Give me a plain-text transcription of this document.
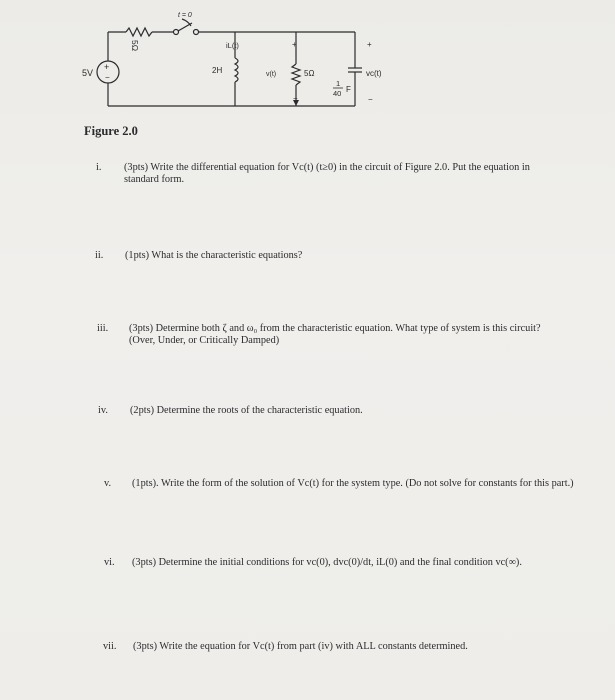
5V
+
−
5Ω
t = 0
iL(t)
2H	v(t)	5Ω
+
−
1
40 F
vc(t)
+
−
Figure 2.0
i. (3pts) Write the differential equation for Vc(t) (t≥0) in the circuit of Figure 2.0. Put the equation in standard form.
ii. (1pts) What is the characteristic equations?
iii. (3pts) Determine both ζ and ω₀ from the characteristic equation. What type of system is this circuit? (Over, Under, or Critically Damped)
iv. (2pts) Determine the roots of the characteristic equation.
v. (1pts). Write the form of the solution of Vc(t) for the system type. (Do not solve for constants for this part.)
vi. (3pts) Determine the initial conditions for vc(0), dvc(0)/dt, iL(0) and the final condition vc(∞).
vii. (3pts) Write the equation for Vc(t) from part (iv) with ALL constants determined.
